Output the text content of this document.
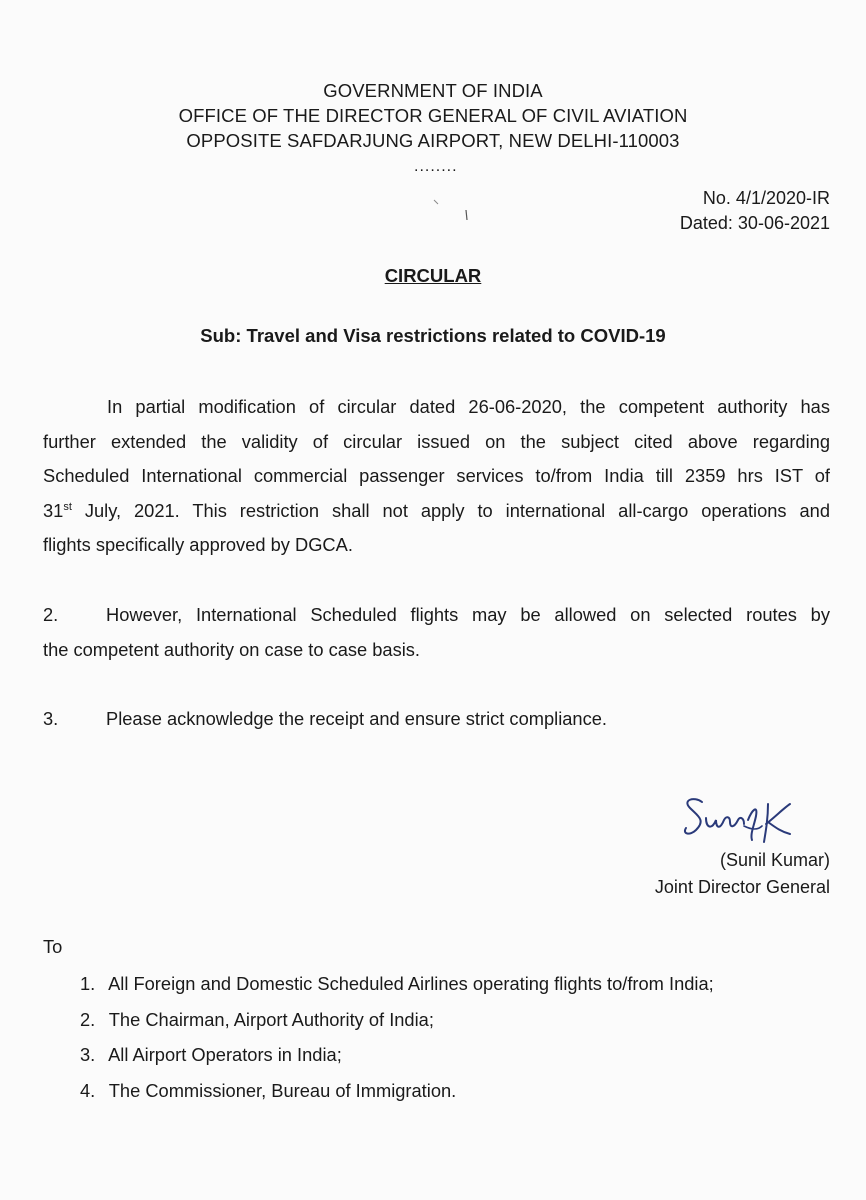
GOVERNMENT OF INDIA
OFFICE OF THE DIRECTOR GENERAL OF CIVIL AVIATION
OPPOSITE SAFDARJUNG AIRPORT, NEW DELHI-110003
........
No. 4/1/2020-IR
Dated: 30-06-2021
CIRCULAR
Sub: Travel and Visa restrictions related to COVID-19
In partial modification of circular dated 26-06-2020, the competent authority has
further extended the validity of circular issued on the subject cited above regarding
Scheduled International commercial passenger services to/from India till 2359 hrs IST of
31st July, 2021. This restriction shall not apply to international all-cargo operations and
flights specifically approved by DGCA.
2.	However, International Scheduled flights may be allowed on selected routes by
the competent authority on case to case basis.
3.	Please acknowledge the receipt and ensure strict compliance.
(Sunil Kumar)
Joint Director General
To
1. All Foreign and Domestic Scheduled Airlines operating flights to/from India;
2. The Chairman, Airport Authority of India;
3. All Airport Operators in India;
4. The Commissioner, Bureau of Immigration.
